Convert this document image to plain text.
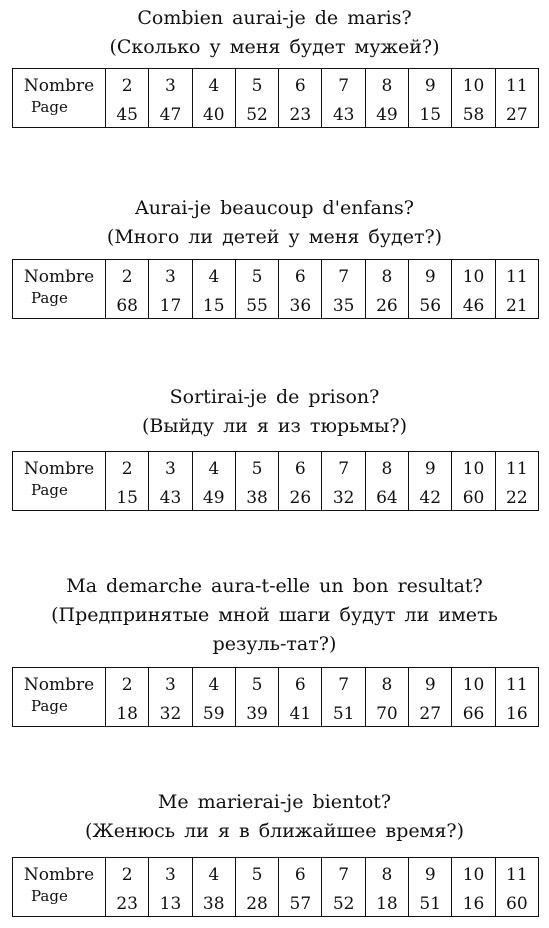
Combien aurai-je de maris?

(Сколько у меня будет мужей?)

Nombre	2	3	4	5	6	7	8	9	10	11
Page	45	47	40	52	23	43	49	15	58	27

Aurai-je beaucoup d'enfans?

(Много ли детей у меня будет?)

Nombre	2	3	4	5	6	7	8	9	10	11
Page	68	17	15	55	36	35	26	56	46	21

Sortirai-je de prison?

(Выйду ли я из тюрьмы?)

Nombre	2	3	4	5	6	7	8	9	10	11
Page	15	43	49	38	26	32	64	42	60	22

Ma demarche aura-t-elle un bon resultat?

(Предпринятые мной шаги будут ли иметь резуль-тат?)

Nombre	2	3	4	5	6	7	8	9	10	11
Page	18	32	59	39	41	51	70	27	66	16

Me marierai-je bientot?

(Женюсь ли я в ближайшее время?)

Nombre	2	3	4	5	6	7	8	9	10	11
Page	23	13	38	28	57	52	18	51	16	60
